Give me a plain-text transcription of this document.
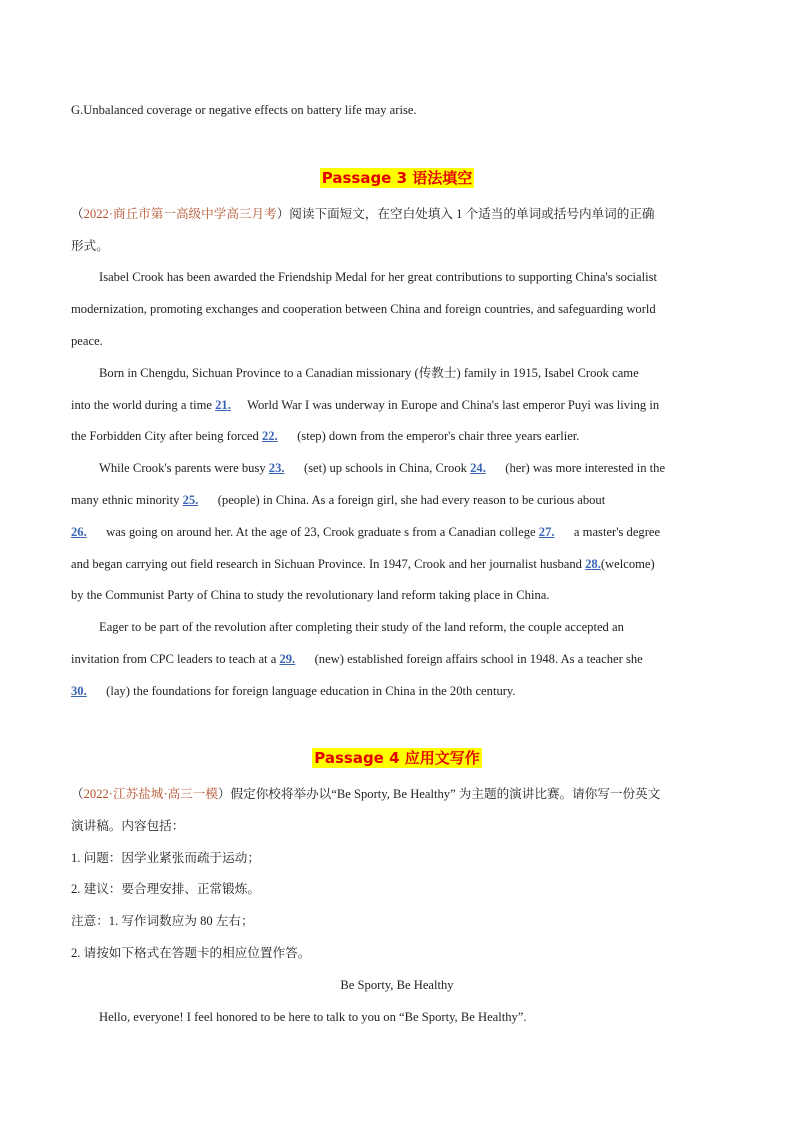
G.Unbalanced coverage or negative effects on battery life may arise.
Passage 3 语法填空
（2022·商丘市第一高级中学高三月考）阅读下面短文，在空白处填入 1 个适当的单词或括号内单词的正确
形式。
Isabel Crook has been awarded the Friendship Medal for her great contributions to supporting China's socialist
modernization, promoting exchanges and cooperation between China and foreign countries, and safeguarding world
peace.
Born in Chengdu, Sichuan Province to a Canadian missionary (传教士) family in 1915, Isabel Crook came
into the world during a time 21. World War I was underway in Europe and China's last emperor Puyi was living in
the Forbidden City after being forced 22. (step) down from the emperor's chair three years earlier.
While Crook's parents were busy 23. (set) up schools in China, Crook 24. (her) was more interested in the
many ethnic minority 25. (people) in China. As a foreign girl, she had every reason to be curious about
26. was going on around her. At the age of 23, Crook graduate s from a Canadian college 27. a master's degree
and began carrying out field research in Sichuan Province. In 1947, Crook and her journalist husband 28.(welcome)
by the Communist Party of China to study the revolutionary land reform taking place in China.
Eager to be part of the revolution after completing their study of the land reform, the couple accepted an
invitation from CPC leaders to teach at a 29. (new) established foreign affairs school in 1948. As a teacher she
30. (lay) the foundations for foreign language education in China in the 20th century.
Passage 4 应用文写作
（2022·江苏盐城·高三一模）假定你校将举办以“Be Sporty, Be Healthy” 为主题的演讲比赛。请你写一份英文
演讲稿。内容包括：
1. 问题：因学业紧张而疏于运动；
2. 建议：要合理安排、正常锻炼。
注意：1. 写作词数应为 80 左右；
2. 请按如下格式在答题卡的相应位置作答。
Be Sporty, Be Healthy
Hello, everyone! I feel honored to be here to talk to you on “Be Sporty, Be Healthy”.
